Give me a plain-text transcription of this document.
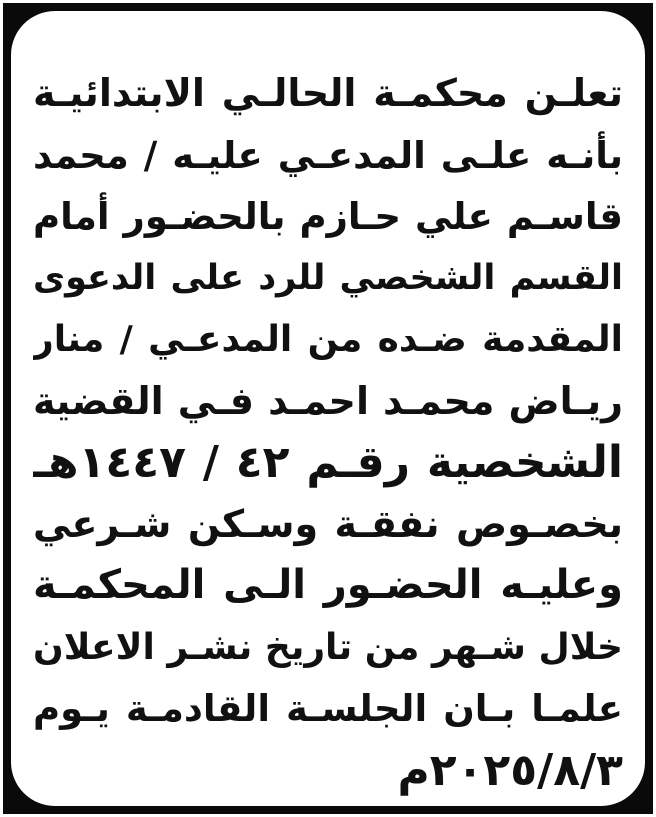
تعلـن محكمـة الحالـي الابتدائيـة
بأنـه علـى المدعـي عليـه / محمد
قاسـم علي حـازم بالحضـور أمام
القسم الشخصي للرد على الدعوى
المقدمة ضـده من المدعـي / منار
ريـاض محمـد احمـد فـي القضية
الشخصية رقـم ٤٢ / ١٤٤٧هـ
بخصـوص نفقـة وسـكن شـرعي
وعليـه الحضـور الـى المحكمـة
خلال شـهر من تاريخ نشـر الاعلان
علمـا بـان الجلسـة القادمـة يـوم
٢٠٢٥/٨/٣م
